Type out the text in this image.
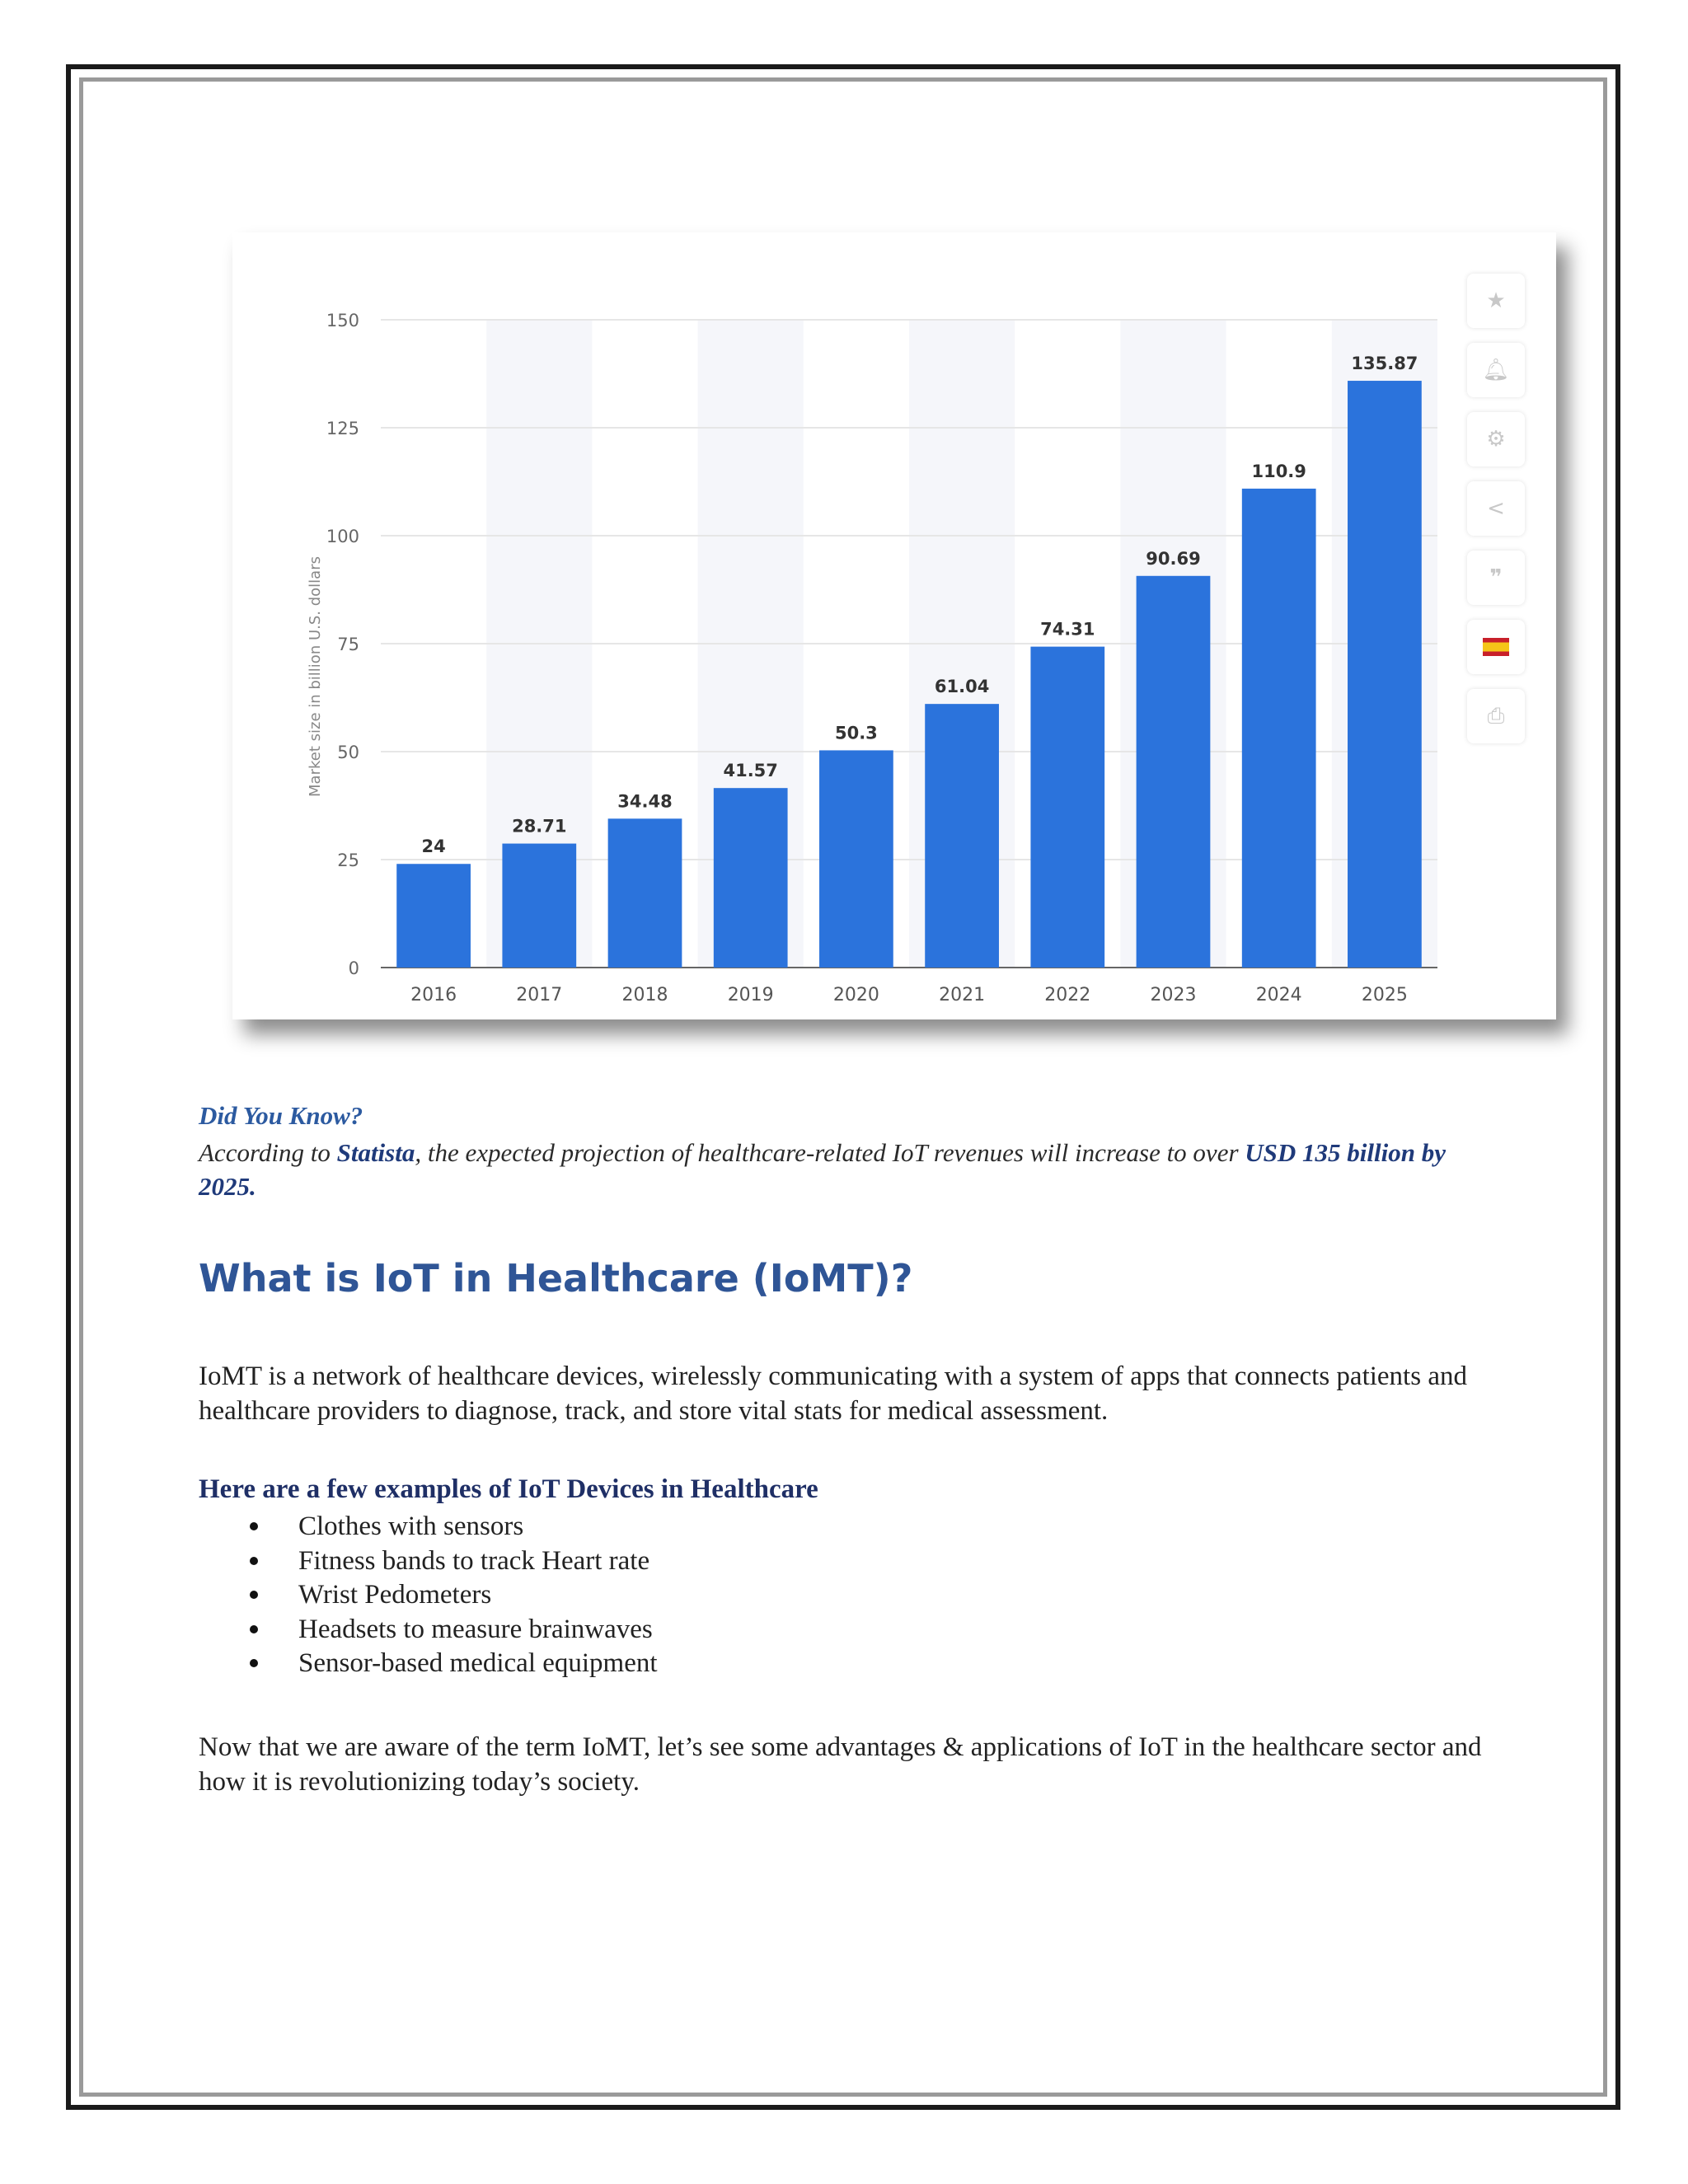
0
25
50
75
100
125
150
24
2016
28.71
2017
34.48
2018
41.57
2019
50.3
2020
61.04
2021
74.31
2022
90.69
2023
110.9
2024
135.87
2025
Market size in billion U.S. dollars
★
🔔︎
⚙
<
❞
⎙
Did You Know?
According to Statista, the expected projection of healthcare-related IoT revenues will increase to over USD 135 billion by 2025.
What is IoT in Healthcare (IoMT)?
IoMT is a network of healthcare devices, wirelessly communicating with a system of apps that connects patients and healthcare providers to diagnose, track, and store vital stats for medical assessment.
Here are a few examples of IoT Devices in Healthcare
Clothes with sensors
Fitness bands to track Heart rate
Wrist Pedometers
Headsets to measure brainwaves
Sensor-based medical equipment
Now that we are aware of the term IoMT, let’s see some advantages & applications of IoT in the healthcare sector and how it is revolutionizing today’s society.
